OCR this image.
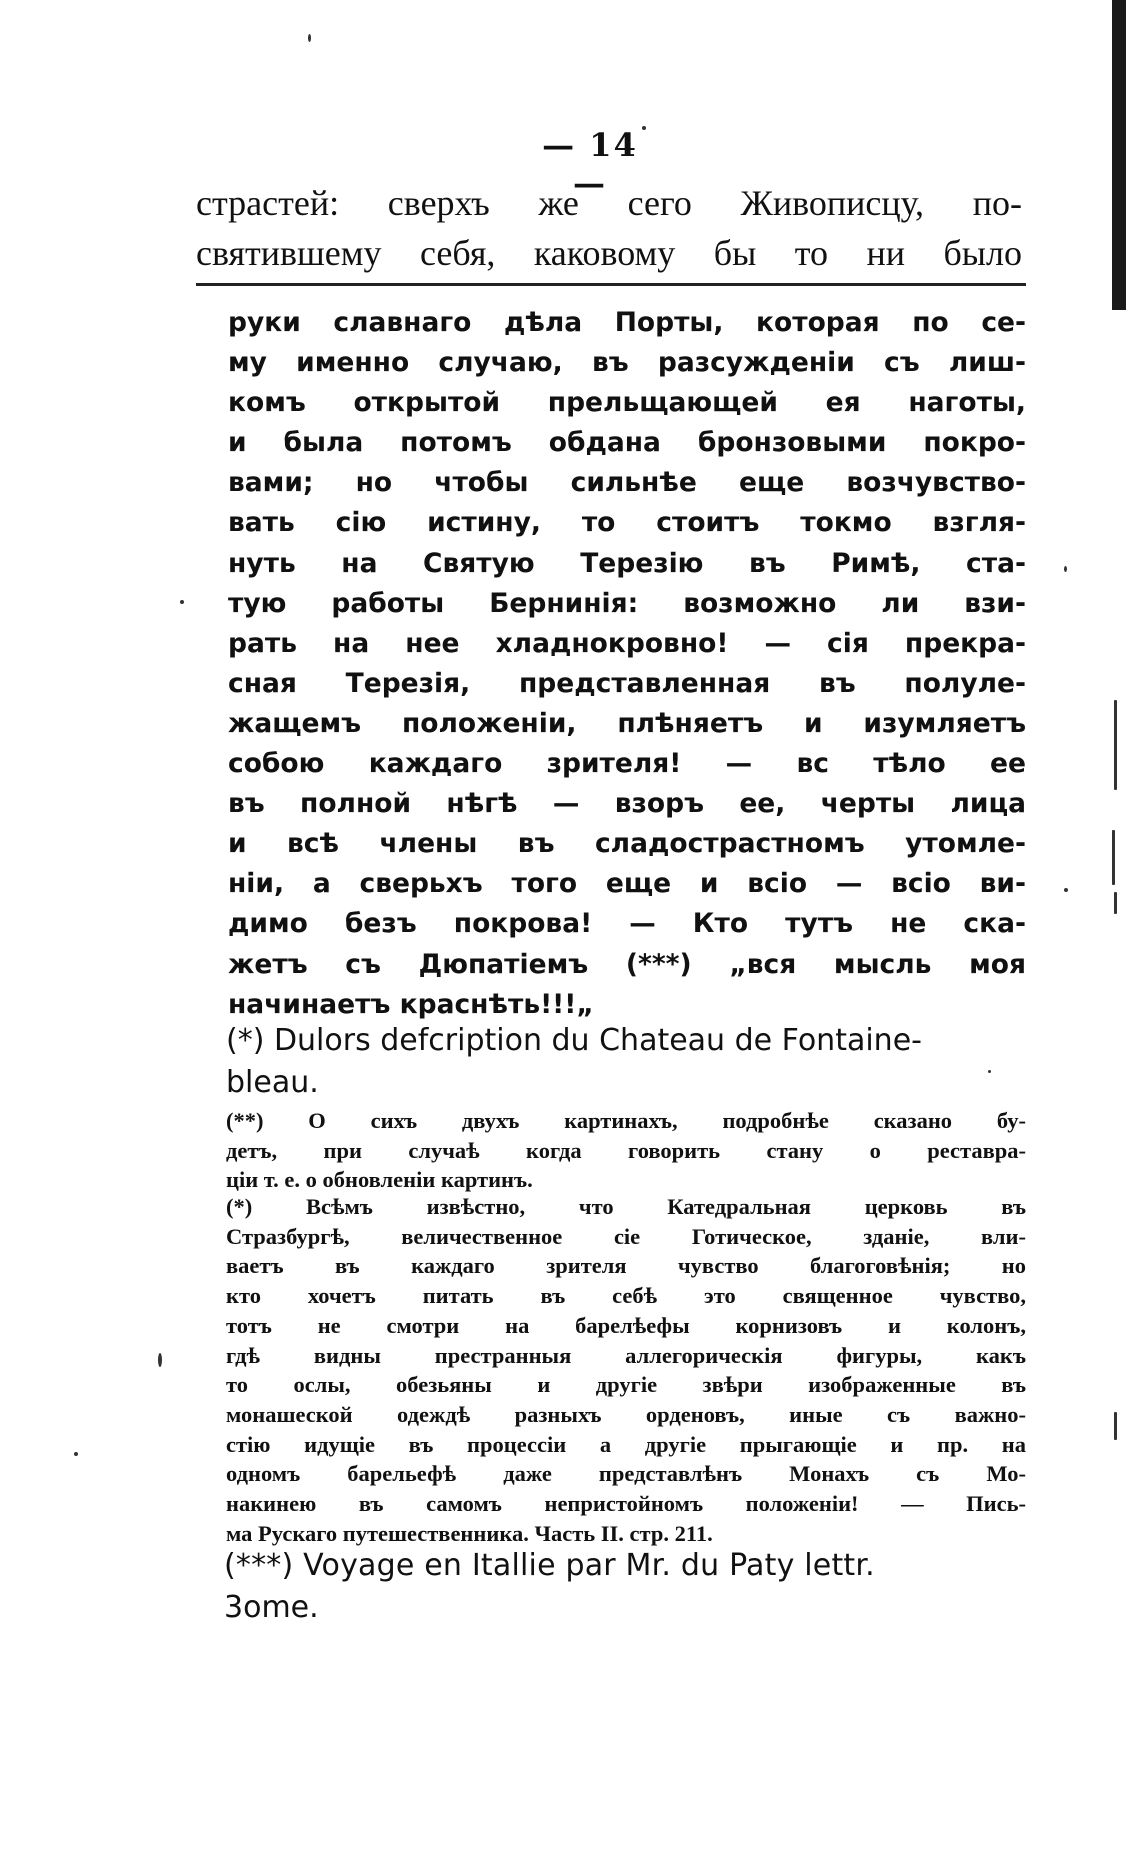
— 14 —
страстей: сверхъ же сего Живописцу, по-
святившему себя, каковому бы то ни было
руки славнаго дѣла Порты, которая по се-
му именно случаю, въ разсужденіи съ лиш-
комъ открытой прельщающей ея наготы,
и была потомъ обдана бронзовыми покро-
вами; но чтобы сильнѣе еще возчувство-
вать сію истину, то стоитъ токмо взгля-
нуть на Святую Терезію въ Римѣ, ста-
тую работы Бернинія: возможно ли взи-
рать на нее хладнокровно! — сія прекра-
сная Терезія, представленная въ полуле-
жащемъ положеніи, плѣняетъ и изумляетъ
собою каждаго зрителя! — вс тѣло ее
въ полной нѣгѣ — взоръ ее, черты лица
и всѣ члены въ сладострастномъ утомле-
ніи, а сверьхъ того еще и всіо — всіо ви-
димо безъ покрова! — Кто тутъ не ска-
жетъ съ Дюпатіемъ (***) „вся мысль моя
начинаетъ краснѣть!!!„
(*) Dulors defcription du Chateau de Fontaine-
bleau.
(**) О сихъ двухъ картинахъ, подробнѣе сказано бу-
детъ, при случаѣ когда говорить стану о реставра-
ціи т. е. о обновленіи картинъ.
(*) Всѣмъ извѣстно, что Катедральная церковь въ
Стразбургѣ, величественное сіе Готическое, зданіе, вли-
ваетъ въ каждаго зрителя чувство благоговѣнія; но
кто хочетъ питать въ себѣ это священное чувство,
тотъ не смотри на барелѣефы корнизовъ и колонъ,
гдѣ видны престранныя аллегорическія фигуры, какъ
то ослы, обезьяны и другіе звѣри изображенные въ
монашеской одеждѣ разныхъ орденовъ, иные съ важно-
стію идущіе въ процессіи а другіе прыгающіе и пр. на
одномъ барельефѣ даже представлѣнъ Монахъ съ Мо-
накинею въ самомъ непристойномъ положеніи! — Пись-
ма Рускаго путешественника. Часть II. стр. 211.
(***) Voyage en Itallie par Mr. du Paty lettr.
3ome.
